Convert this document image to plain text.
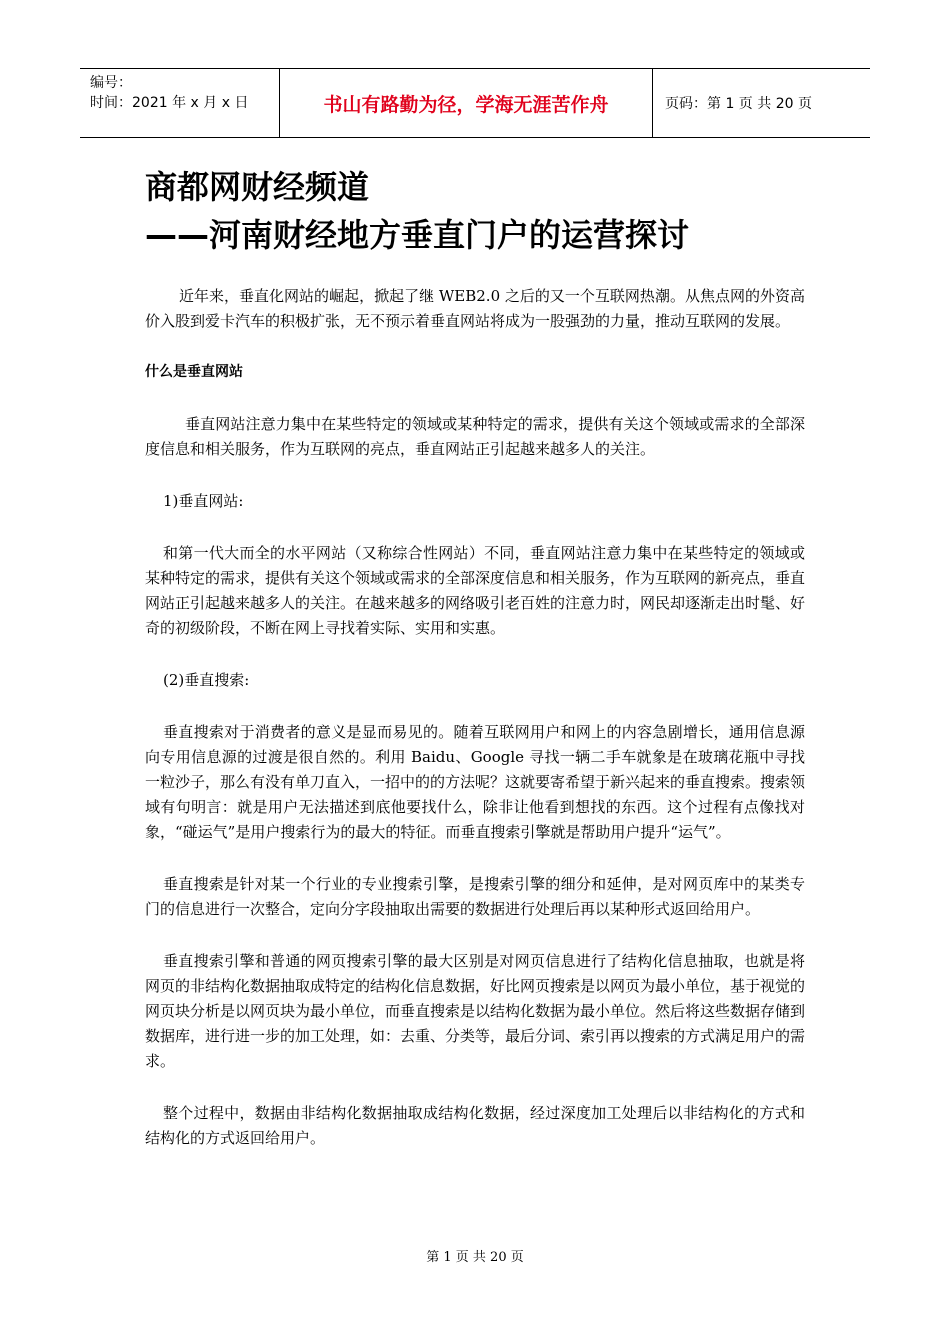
编号：
时间：2021 年 x 月 x 日	书山有路勤为径，学海无涯苦作舟	页码：第 1 页 共 20 页
商都网财经频道
——河南财经地方垂直门户的运营探讨

近年来，垂直化网站的崛起，掀起了继 WEB2.0 之后的又一个互联网热潮。从焦点网的外资高价入股到爱卡汽车的积极扩张，无不预示着垂直网站将成为一股强劲的力量，推动互联网的发展。

什么是垂直网站

垂直网站注意力集中在某些特定的领域或某种特定的需求，提供有关这个领域或需求的全部深度信息和相关服务，作为互联网的亮点，垂直网站正引起越来越多人的关注。

1)垂直网站:

和第一代大而全的水平网站（又称综合性网站）不同，垂直网站注意力集中在某些特定的领域或某种特定的需求，提供有关这个领域或需求的全部深度信息和相关服务，作为互联网的新亮点，垂直网站正引起越来越多人的关注。在越来越多的网络吸引老百姓的注意力时，网民却逐渐走出时髦、好奇的初级阶段，不断在网上寻找着实际、实用和实惠。

(2)垂直搜索:

垂直搜索对于消费者的意义是显而易见的。随着互联网用户和网上的内容急剧增长，通用信息源向专用信息源的过渡是很自然的。利用 Baidu、Google 寻找一辆二手车就象是在玻璃花瓶中寻找一粒沙子，那么有没有单刀直入，一招中的的方法呢？这就要寄希望于新兴起来的垂直搜索。搜索领域有句明言：就是用户无法描述到底他要找什么，除非让他看到想找的东西。这个过程有点像找对象，“碰运气”是用户搜索行为的最大的特征。而垂直搜索引擎就是帮助用户提升“运气”。

垂直搜索是针对某一个行业的专业搜索引擎，是搜索引擎的细分和延伸，是对网页库中的某类专门的信息进行一次整合，定向分字段抽取出需要的数据进行处理后再以某种形式返回给用户。

垂直搜索引擎和普通的网页搜索引擎的最大区别是对网页信息进行了结构化信息抽取，也就是将网页的非结构化数据抽取成特定的结构化信息数据，好比网页搜索是以网页为最小单位，基于视觉的网页块分析是以网页块为最小单位，而垂直搜索是以结构化数据为最小单位。然后将这些数据存储到数据库，进行进一步的加工处理，如：去重、分类等，最后分词、索引再以搜索的方式满足用户的需求。

整个过程中，数据由非结构化数据抽取成结构化数据，经过深度加工处理后以非结构化的方式和结构化的方式返回给用户。

第 1 页 共 20 页
